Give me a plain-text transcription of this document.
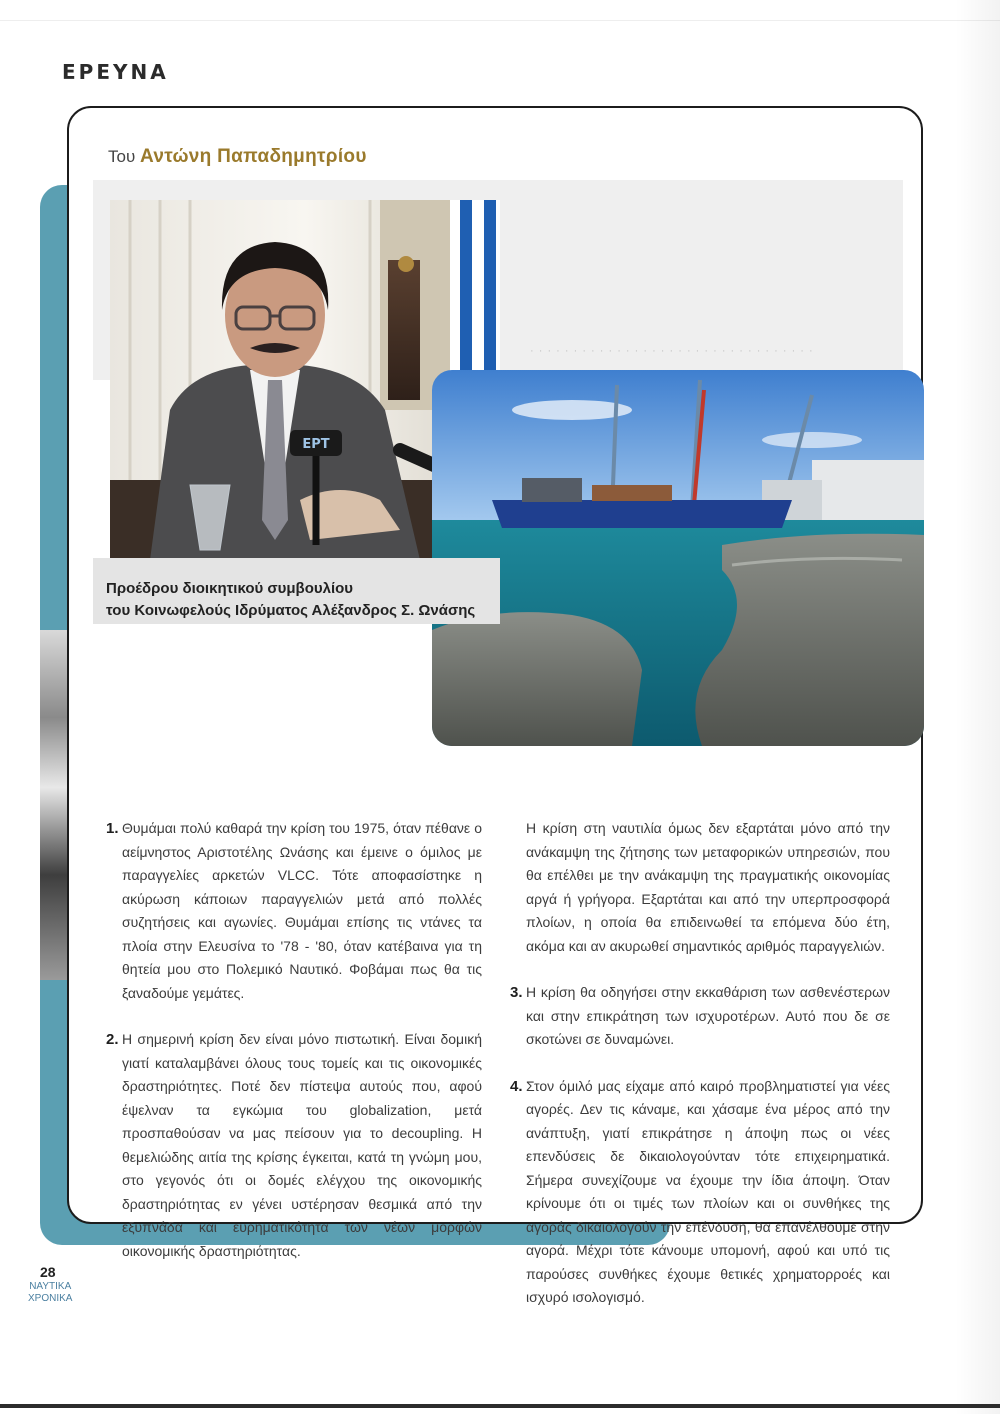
ΕΡΕΥΝΑ
Του Αντώνη Παπαδημητρίου
ΕΡΤ
· · · · · · · · · · · · · · · · · · · · · · · · · · · · · · · · ·
Προέδρου διοικητικού συμβουλίου
του Κοινωφελούς Ιδρύματος Αλέξανδρος Σ. Ωνάσης
1. Θυμάμαι πολύ καθαρά την κρίση του 1975, όταν πέθανε ο αείμνηστος Αριστοτέλης Ωνάσης και έμεινε ο όμιλος με παραγγελίες αρκετών VLCC. Τότε αποφασίστηκε η ακύρωση κάποιων παραγγελιών μετά από πολλές συζητήσεις και αγωνίες. Θυμάμαι επίσης τις ντάνες τα πλοία στην Ελευσίνα το '78 - '80, όταν κατέβαινα για τη θητεία μου στο Πολεμικό Ναυτικό. Φοβάμαι πως θα τις ξαναδούμε γεμάτες.
2. Η σημερινή κρίση δεν είναι μόνο πιστωτική. Είναι δομική γιατί καταλαμβάνει όλους τους τομείς και τις οικονομικές δραστηριότητες. Ποτέ δεν πίστεψα αυτούς που, αφού έψελναν τα εγκώμια του globalization, μετά προσπαθούσαν να μας πείσουν για το decoupling. Η θεμελιώδης αιτία της κρίσης έγκειται, κατά τη γνώμη μου, στο γεγονός ότι οι δομές ελέγχου της οικονομικής δραστηριότητας εν γένει υστέρησαν θεσμικά από την εξυπνάδα και ευρηματικότητα των νέων μορφών οικονομικής δραστηριότητας.
Η κρίση στη ναυτιλία όμως δεν εξαρτάται μόνο από την ανάκαμψη της ζήτησης των μεταφορικών υπηρεσιών, που θα επέλθει με την ανάκαμψη της πραγματικής οικονομίας αργά ή γρήγορα. Εξαρτάται και από την υπερπροσφορά πλοίων, η οποία θα επιδεινωθεί τα επόμενα δύο έτη, ακόμα και αν ακυρωθεί σημαντικός αριθμός παραγγελιών.
3. Η κρίση θα οδηγήσει στην εκκαθάριση των ασθενέστερων και στην επικράτηση των ισχυροτέρων. Αυτό που δε σε σκοτώνει σε δυναμώνει.
4. Στον όμιλό μας είχαμε από καιρό προβληματιστεί για νέες αγορές. Δεν τις κάναμε, και χάσαμε ένα μέρος από την ανάπτυξη, γιατί επικράτησε η άποψη πως οι νέες επενδύσεις δε δικαιολογούνταν τότε επιχειρηματικά. Σήμερα συνεχίζουμε να έχουμε την ίδια άποψη. Όταν κρίνουμε ότι οι τιμές των πλοίων και οι συνθήκες της αγοράς δικαιολογούν την επένδυση, θα επανέλθουμε στην αγορά. Μέχρι τότε κάνουμε υπομονή, αφού και υπό τις παρούσες συνθήκες έχουμε θετικές χρηματορροές και ισχυρό ισολογισμό.
28
ΝΑΥΤΙΚΑ
ΧΡΟΝΙΚΑ
